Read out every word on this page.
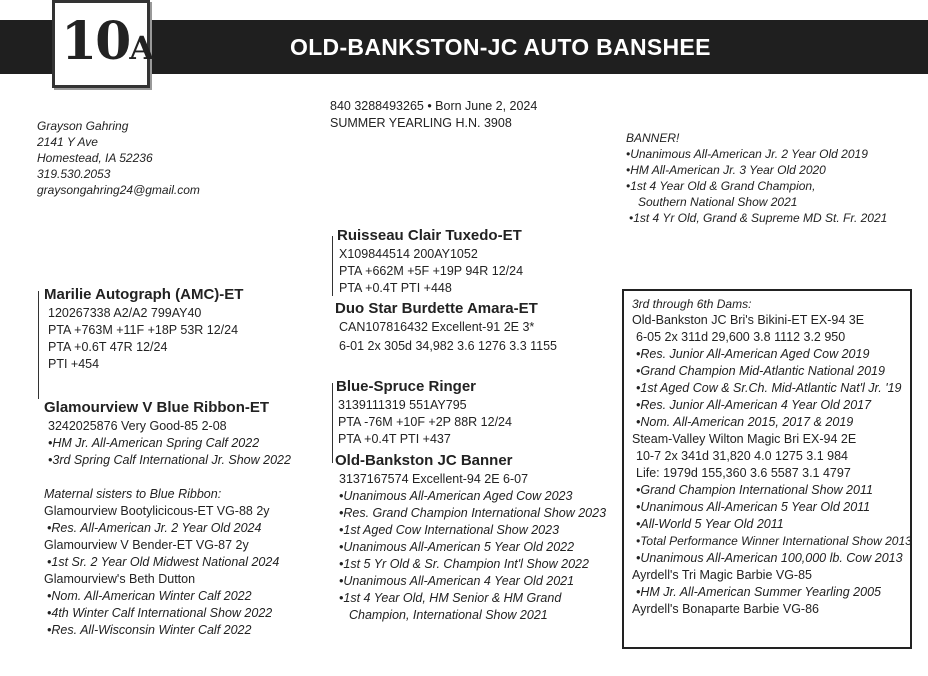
OLD-BANKSTON-JC AUTO BANSHEE
10A
Grayson Gahring
2141 Y Ave
Homestead, IA 52236
319.530.2053
graysongahring24@gmail.com
840 3288493265 • Born June 2, 2024
SUMMER YEARLING H.N. 3908
BANNER!
•Unanimous All-American Jr. 2 Year Old 2019
•HM All-American Jr. 3 Year Old 2020
•1st 4 Year Old & Grand Champion,
Southern National Show 2021
•1st 4 Yr Old, Grand & Supreme MD St. Fr. 2021
Ruisseau Clair Tuxedo-ET
X109844514 200AY1052
PTA +662M +5F +19P 94R 12/24
PTA +0.4T PTI +448
Duo Star Burdette Amara-ET
CAN107816432 Excellent-91 2E 3*
6-01 2x 305d 34,982 3.6 1276 3.3 1155
Marilie Autograph (AMC)-ET
120267338 A2/A2 799AY40
PTA +763M +11F +18P 53R 12/24
PTA +0.6T 47R 12/24
PTI +454
Glamourview V Blue Ribbon-ET
3242025876 Very Good-85 2-08
•HM Jr. All-American Spring Calf 2022
•3rd Spring Calf International Jr. Show 2022
Maternal sisters to Blue Ribbon:
Glamourview Bootylicicous-ET VG-88 2y
•Res. All-American Jr. 2 Year Old 2024
Glamourview V Bender-ET VG-87 2y
•1st Sr. 2 Year Old Midwest National 2024
Glamourview's Beth Dutton
•Nom. All-American Winter Calf 2022
•4th Winter Calf International Show 2022
•Res. All-Wisconsin Winter Calf 2022
Blue-Spruce Ringer
3139111319 551AY795
PTA -76M +10F +2P 88R 12/24
PTA +0.4T PTI +437
Old-Bankston JC Banner
3137167574 Excellent-94 2E 6-07
•Unanimous All-American Aged Cow 2023
•Res. Grand Champion International Show 2023
•1st Aged Cow International Show 2023
•Unanimous All-American 5 Year Old 2022
•1st 5 Yr Old & Sr. Champion Int'l Show 2022
•Unanimous All-American 4 Year Old 2021
•1st 4 Year Old, HM Senior & HM Grand
Champion, International Show 2021
3rd through 6th Dams:
Old-Bankston JC Bri's Bikini-ET EX-94 3E
6-05 2x 311d 29,600 3.8 1112 3.2 950
•Res. Junior All-American Aged Cow 2019
•Grand Champion Mid-Atlantic National 2019
•1st Aged Cow & Sr.Ch. Mid-Atlantic Nat'l Jr. '19
•Res. Junior All-American 4 Year Old 2017
•Nom. All-American 2015, 2017 & 2019
Steam-Valley Wilton Magic Bri EX-94 2E
10-7 2x 341d 31,820 4.0 1275 3.1 984
Life: 1979d 155,360 3.6 5587 3.1 4797
•Grand Champion International Show 2011
•Unanimous All-American 5 Year Old 2011
•All-World 5 Year Old 2011
•Total Performance Winner International Show 2013
•Unanimous All-American 100,000 lb. Cow 2013
Ayrdell's Tri Magic Barbie VG-85
•HM Jr. All-American Summer Yearling 2005
Ayrdell's Bonaparte Barbie VG-86
